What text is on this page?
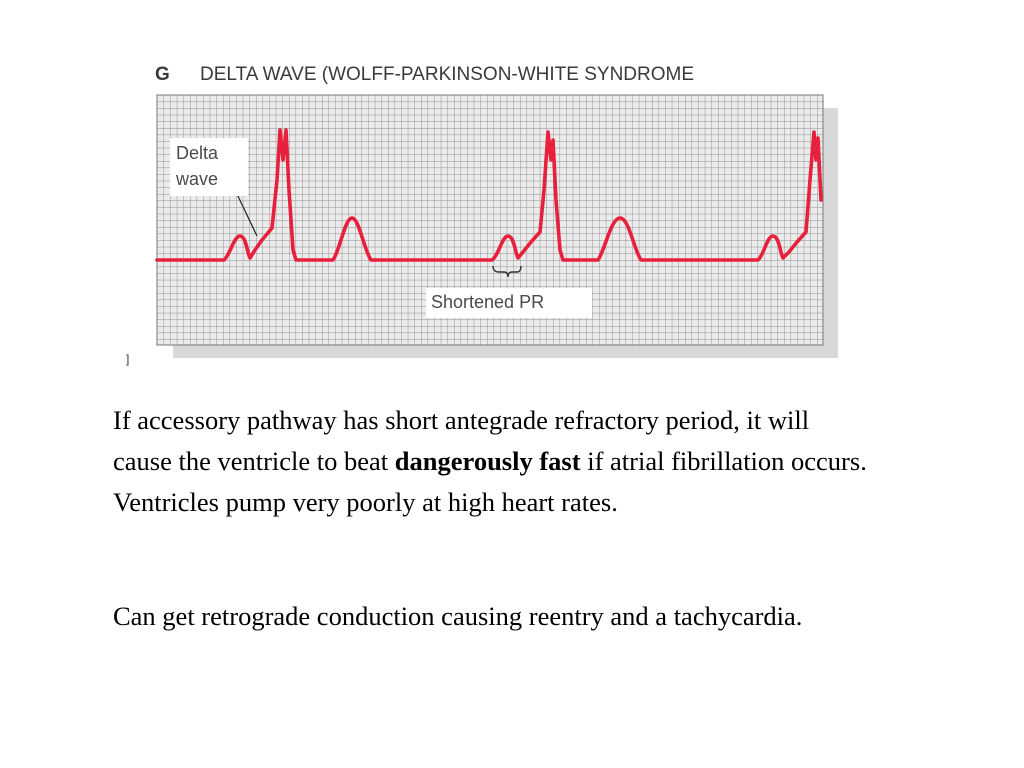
G DELTA WAVE (WOLFF-PARKINSON-WHITE SYNDROME
Delta
wave
Shortened PR
]

If accessory pathway has short antegrade refractory period, it will cause the ventricle to beat dangerously fast if atrial fibrillation occurs. Ventricles pump very poorly at high heart rates.

Can get retrograde conduction causing reentry and a tachycardia.
